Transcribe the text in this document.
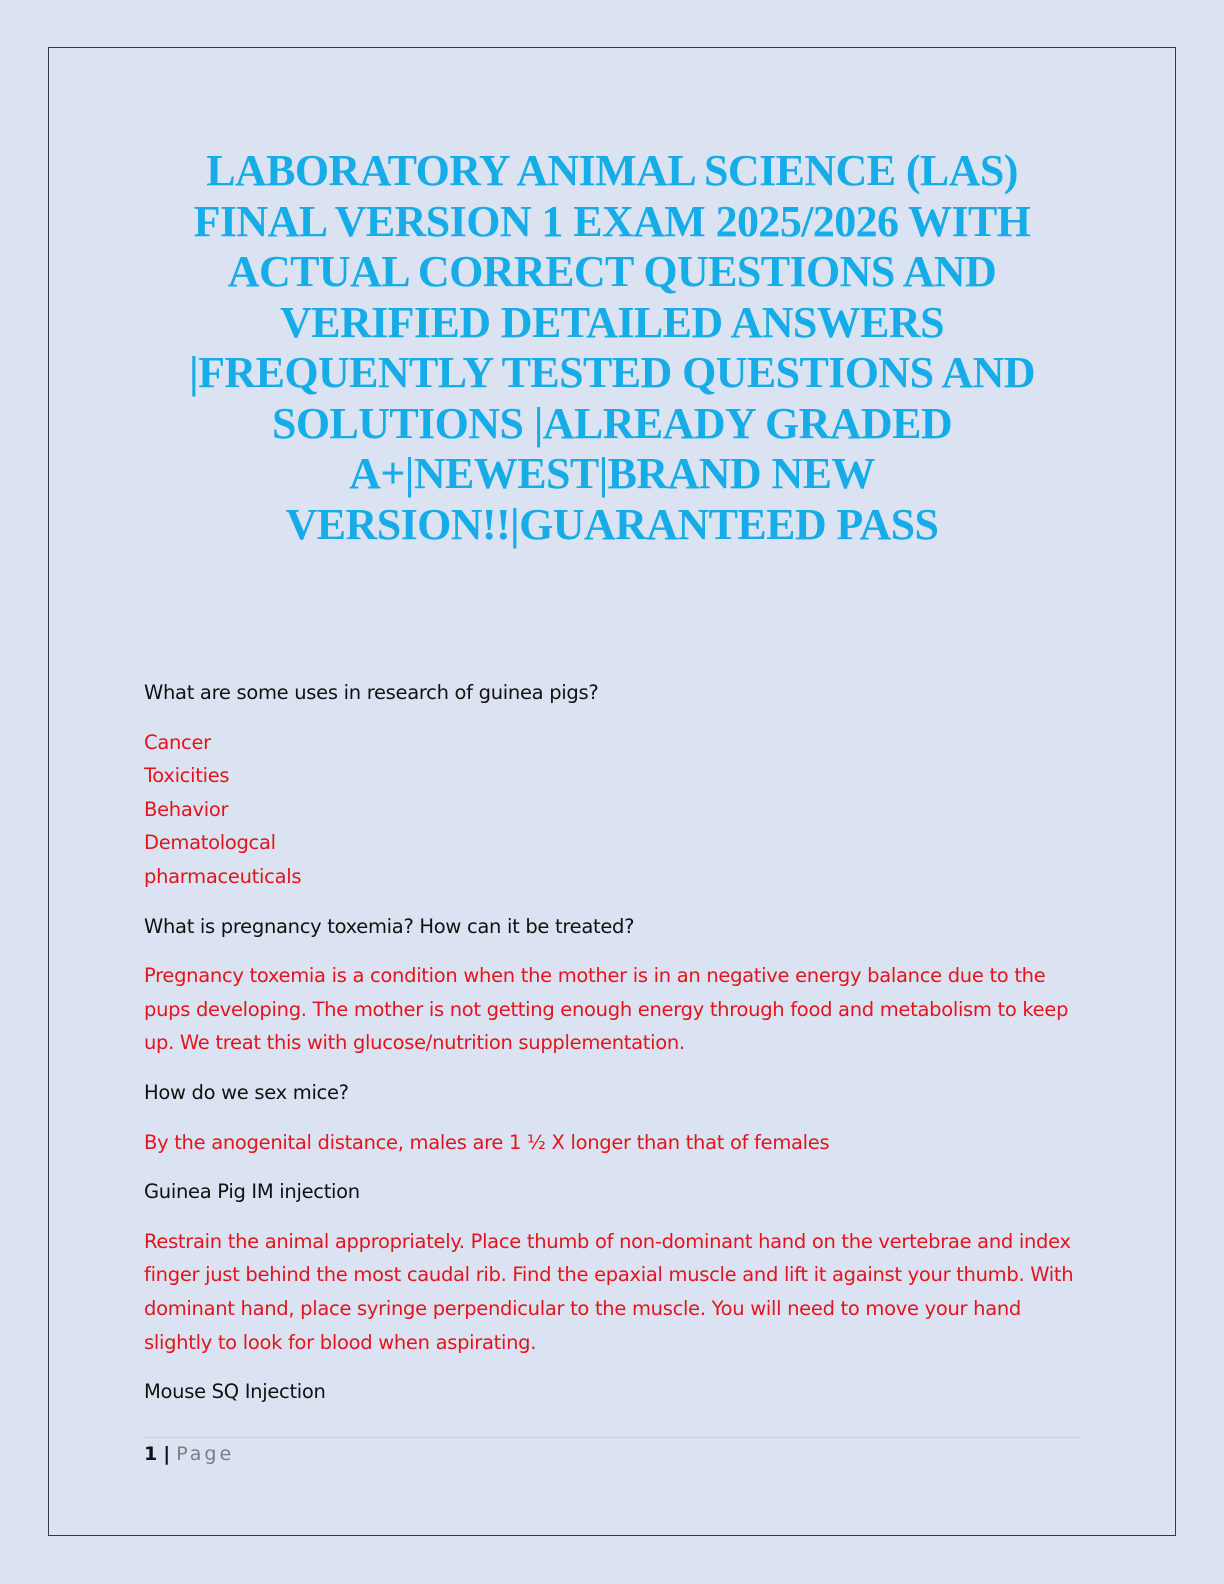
LABORATORY ANIMAL SCIENCE (LAS)
FINAL VERSION 1 EXAM 2025/2026 WITH
ACTUAL CORRECT QUESTIONS AND
VERIFIED DETAILED ANSWERS
|FREQUENTLY TESTED QUESTIONS AND
SOLUTIONS |ALREADY GRADED
A+|NEWEST|BRAND NEW
VERSION!!|GUARANTEED PASS

What are some uses in research of guinea pigs?

Cancer
Toxicities
Behavior
Dematologcal
pharmaceuticals

What is pregnancy toxemia? How can it be treated?

Pregnancy toxemia is a condition when the mother is in an negative energy balance due to the pups developing. The mother is not getting enough energy through food and metabolism to keep up. We treat this with glucose/nutrition supplementation.

How do we sex mice?

By the anogenital distance, males are 1 ½ X longer than that of females

Guinea Pig IM injection

Restrain the animal appropriately. Place thumb of non-dominant hand on the vertebrae and index finger just behind the most caudal rib. Find the epaxial muscle and lift it against your thumb. With dominant hand, place syringe perpendicular to the muscle. You will need to move your hand slightly to look for blood when aspirating.

Mouse SQ Injection

1 | Page
